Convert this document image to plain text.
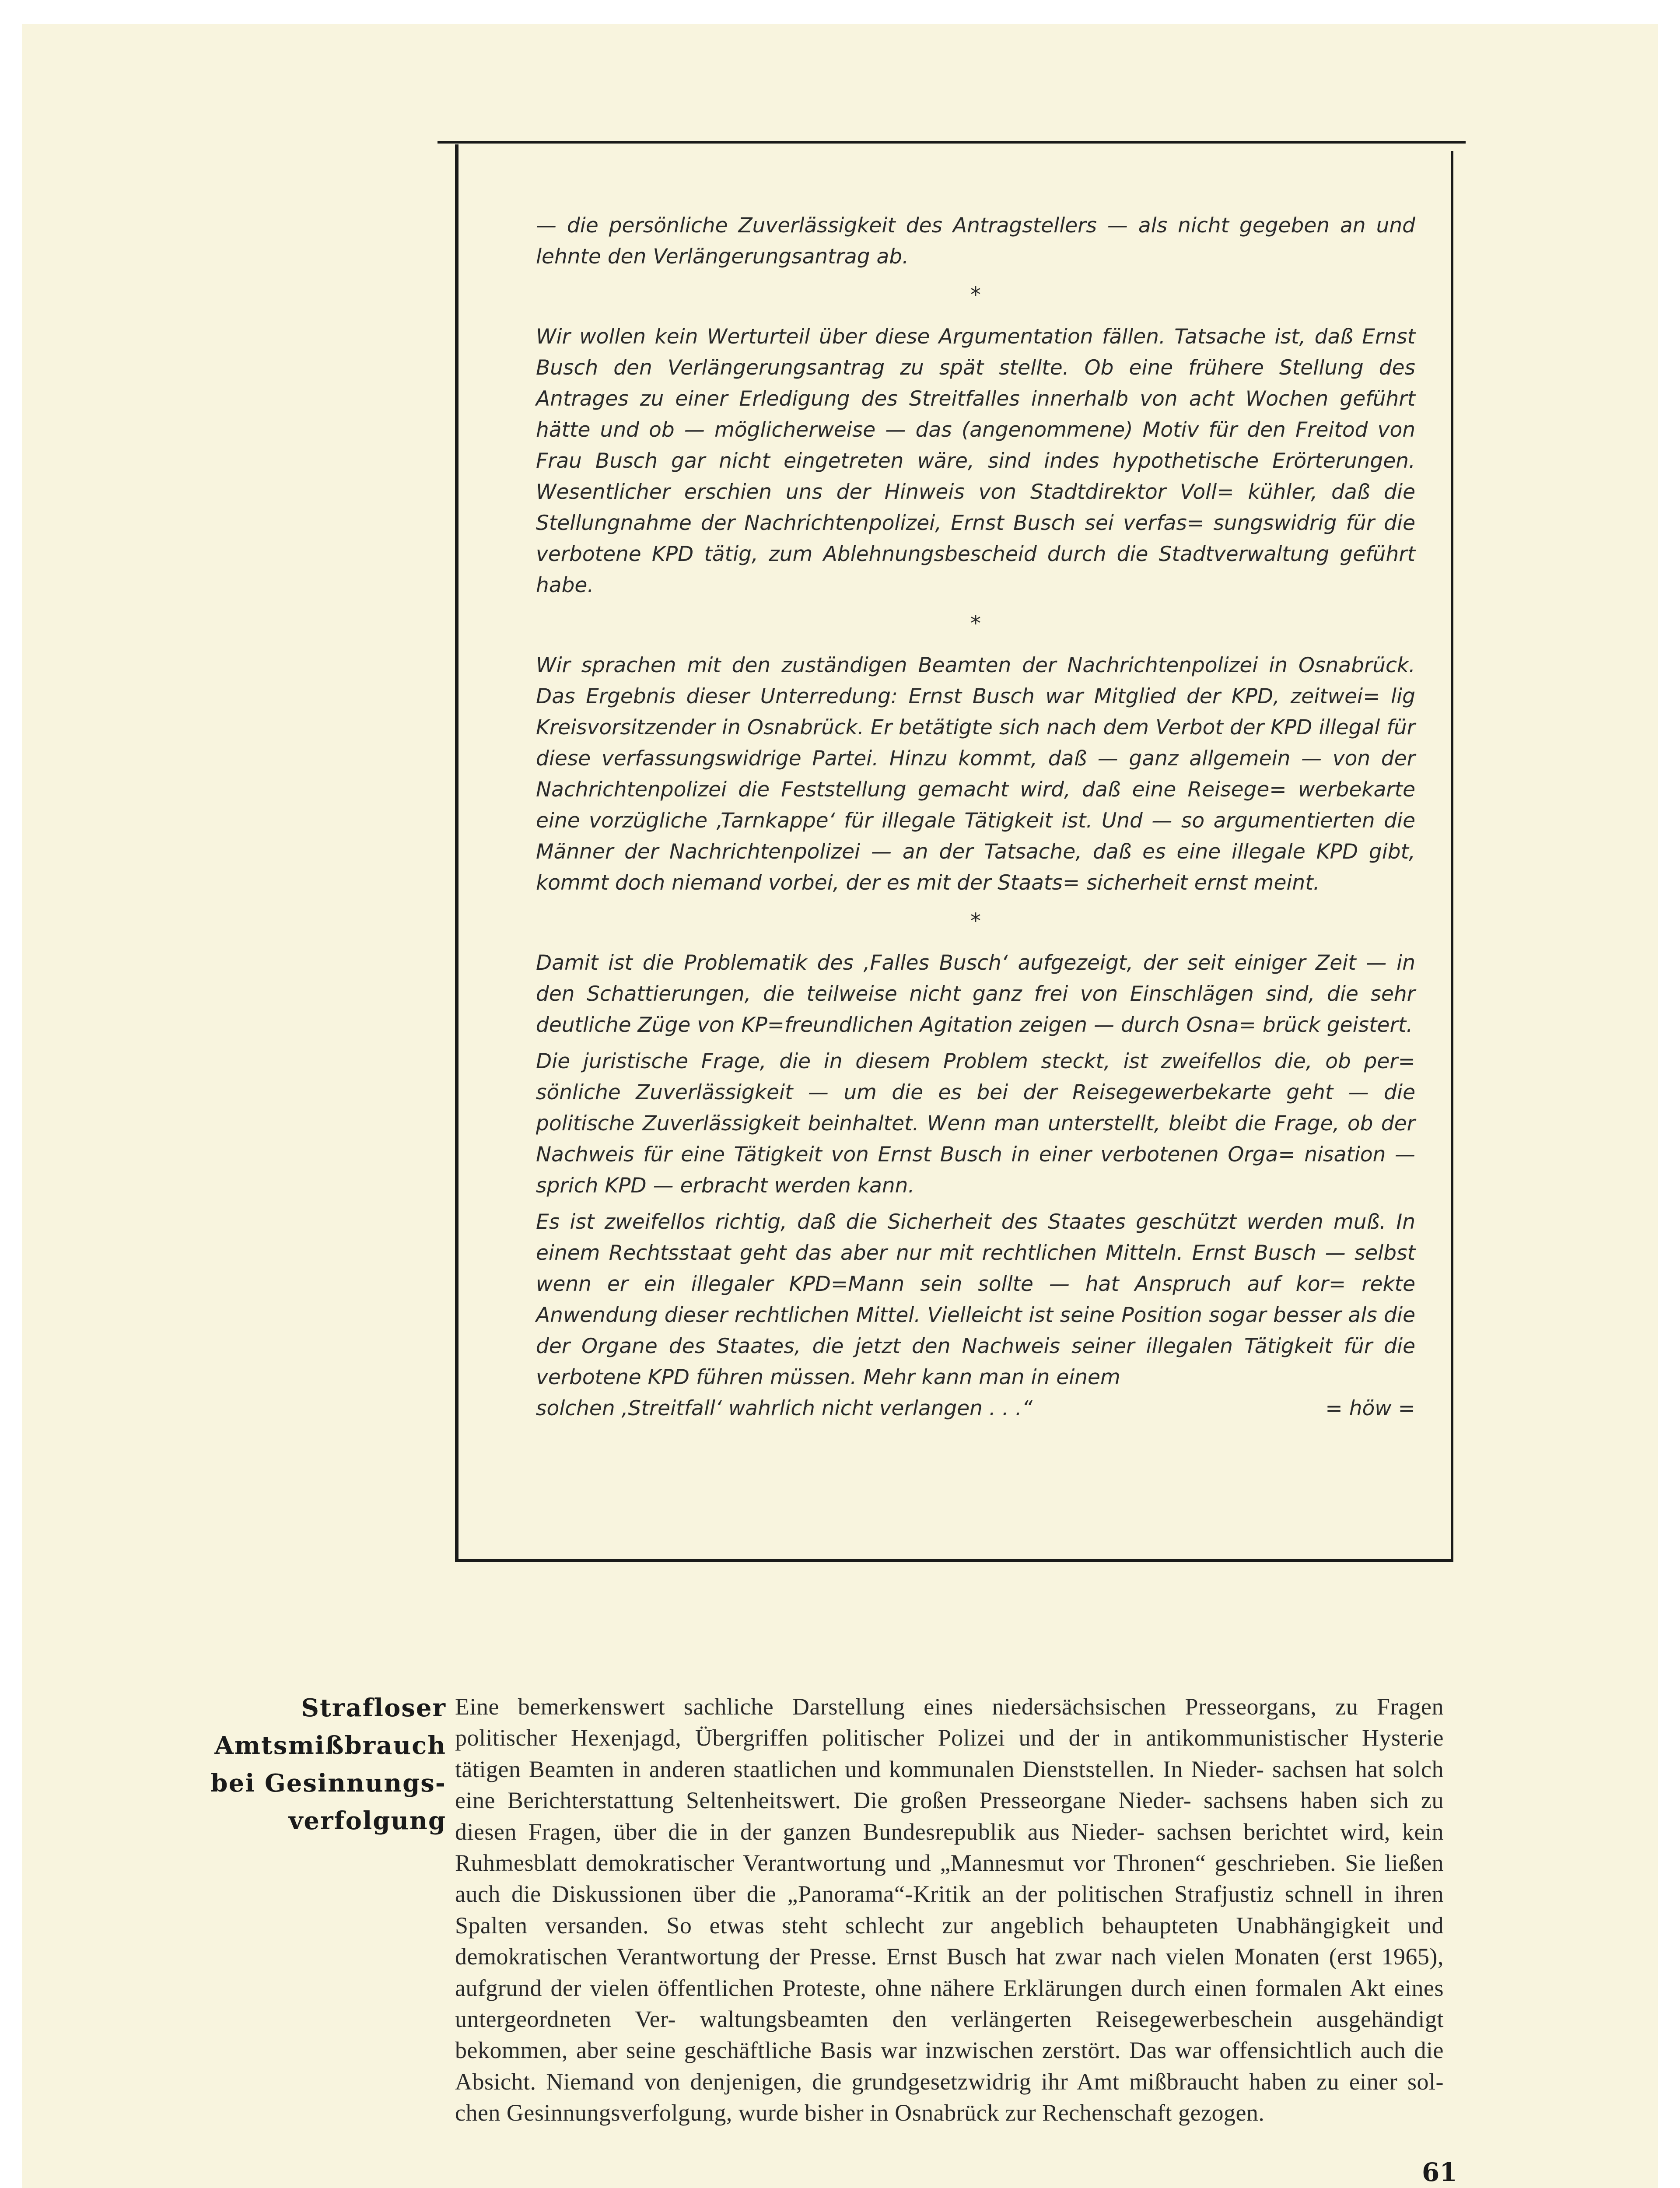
— die persönliche Zuverlässigkeit des Antragstellers — als nicht gegeben an und lehnte den Verlängerungsantrag ab.

*

Wir wollen kein Werturteil über diese Argumentation fällen. Tatsache ist, daß Ernst Busch den Verlängerungsantrag zu spät stellte. Ob eine frühere Stellung des Antrages zu einer Erledigung des Streitfalles innerhalb von acht Wochen geführt hätte und ob — möglicherweise — das (angenommene) Motiv für den Freitod von Frau Busch gar nicht eingetreten wäre, sind indes hypothetische Erörterungen. Wesentlicher erschien uns der Hinweis von Stadtdirektor Voll= kühler, daß die Stellungnahme der Nachrichtenpolizei, Ernst Busch sei verfas= sungswidrig für die verbotene KPD tätig, zum Ablehnungsbescheid durch die Stadtverwaltung geführt habe.

*

Wir sprachen mit den zuständigen Beamten der Nachrichtenpolizei in Osnabrück. Das Ergebnis dieser Unterredung: Ernst Busch war Mitglied der KPD, zeitwei= lig Kreisvorsitzender in Osnabrück. Er betätigte sich nach dem Verbot der KPD illegal für diese verfassungswidrige Partei. Hinzu kommt, daß — ganz allgemein — von der Nachrichtenpolizei die Feststellung gemacht wird, daß eine Reisege= werbekarte eine vorzügliche ‚Tarnkappe‘ für illegale Tätigkeit ist. Und — so argumentierten die Männer der Nachrichtenpolizei — an der Tatsache, daß es eine illegale KPD gibt, kommt doch niemand vorbei, der es mit der Staats= sicherheit ernst meint.

*

Damit ist die Problematik des ‚Falles Busch‘ aufgezeigt, der seit einiger Zeit — in den Schattierungen, die teilweise nicht ganz frei von Einschlägen sind, die sehr deutliche Züge von KP=freundlichen Agitation zeigen — durch Osna= brück geistert.

Die juristische Frage, die in diesem Problem steckt, ist zweifellos die, ob per= sönliche Zuverlässigkeit — um die es bei der Reisegewerbekarte geht — die politische Zuverlässigkeit beinhaltet. Wenn man unterstellt, bleibt die Frage, ob der Nachweis für eine Tätigkeit von Ernst Busch in einer verbotenen Orga= nisation — sprich KPD — erbracht werden kann.

Es ist zweifellos richtig, daß die Sicherheit des Staates geschützt werden muß. In einem Rechtsstaat geht das aber nur mit rechtlichen Mitteln. Ernst Busch — selbst wenn er ein illegaler KPD=Mann sein sollte — hat Anspruch auf kor= rekte Anwendung dieser rechtlichen Mittel. Vielleicht ist seine Position sogar besser als die der Organe des Staates, die jetzt den Nachweis seiner illegalen Tätigkeit für die verbotene KPD führen müssen. Mehr kann man in einem

solchen ‚Streitfall‘ wahrlich nicht verlangen . . .“	= höw =
Strafloser
Amtsmißbrauch
bei Gesinnungs-
verfolgung
Eine bemerkenswert sachliche Darstellung eines niedersächsischen Presseorgans, zu Fragen politischer Hexenjagd, Übergriffen politischer Polizei und der in antikommunistischer Hysterie tätigen Beamten in anderen staatlichen und kommunalen Dienststellen. In Nieder- sachsen hat solch eine Berichterstattung Seltenheitswert. Die großen Presseorgane Nieder- sachsens haben sich zu diesen Fragen, über die in der ganzen Bundesrepublik aus Nieder- sachsen berichtet wird, kein Ruhmesblatt demokratischer Verantwortung und „Mannesmut vor Thronen“ geschrieben. Sie ließen auch die Diskussionen über die „Panorama“-Kritik an der politischen Strafjustiz schnell in ihren Spalten versanden. So etwas steht schlecht zur angeblich behaupteten Unabhängigkeit und demokratischen Verantwortung der Presse. Ernst Busch hat zwar nach vielen Monaten (erst 1965), aufgrund der vielen öffentlichen Proteste, ohne nähere Erklärungen durch einen formalen Akt eines untergeordneten Ver- waltungsbeamten den verlängerten Reisegewerbeschein ausgehändigt bekommen, aber seine geschäftliche Basis war inzwischen zerstört. Das war offensichtlich auch die Absicht. Niemand von denjenigen, die grundgesetzwidrig ihr Amt mißbraucht haben zu einer sol- chen Gesinnungsverfolgung, wurde bisher in Osnabrück zur Rechenschaft gezogen.
61
